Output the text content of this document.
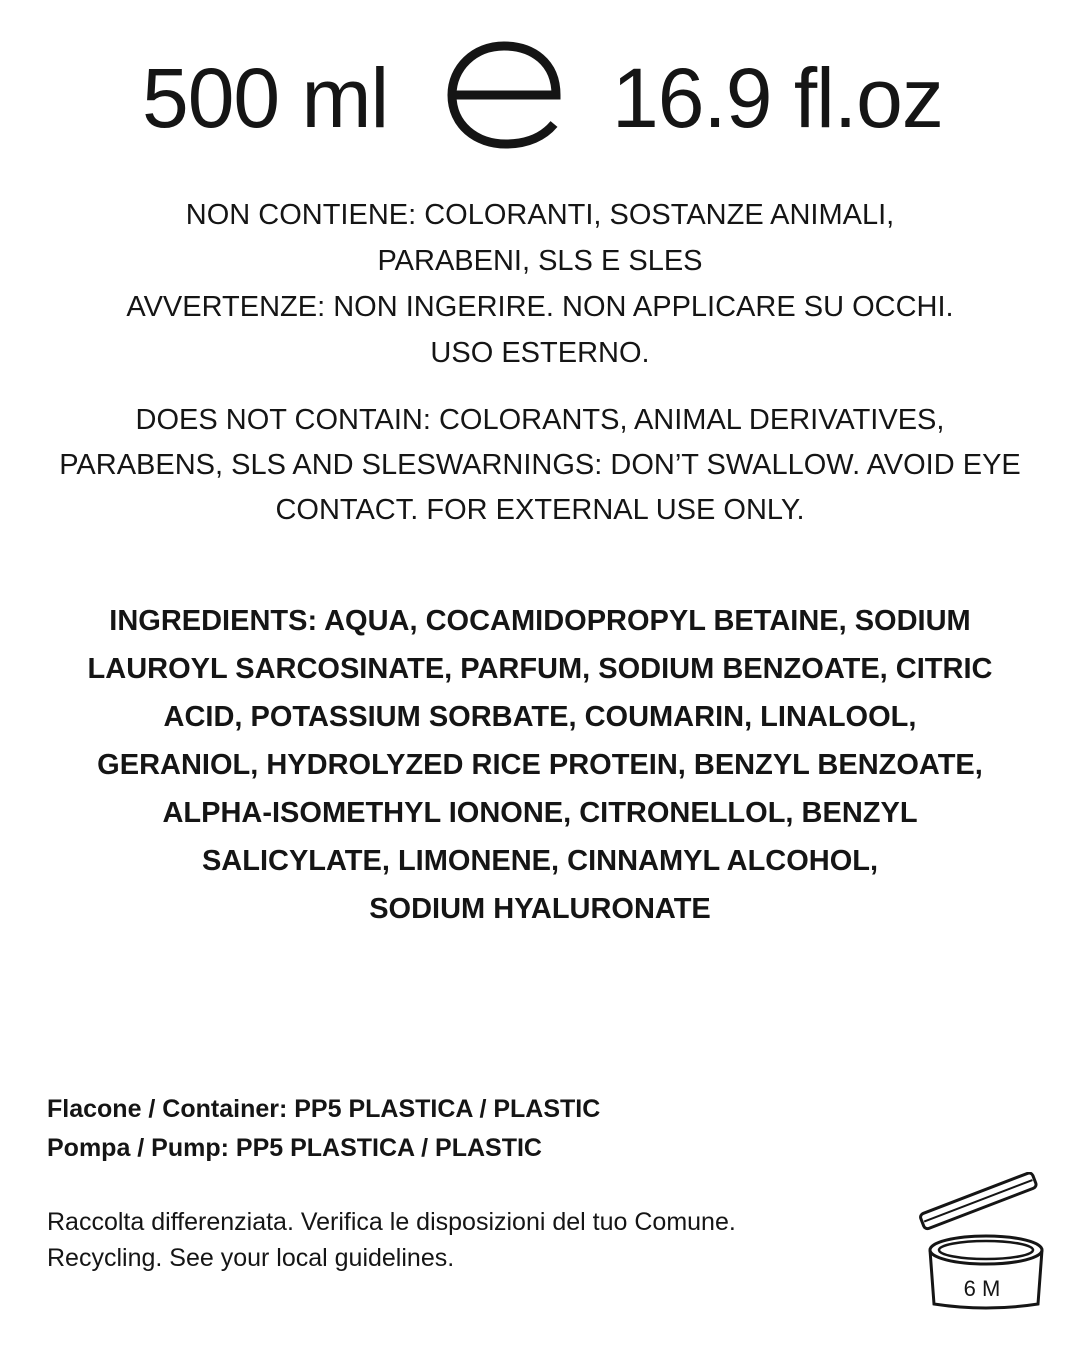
500 ml	16.9 fl.oz
NON CONTIENE: COLORANTI, SOSTANZE ANIMALI,
PARABENI, SLS E SLES
AVVERTENZE: NON INGERIRE. NON APPLICARE SU OCCHI.
USO ESTERNO.
DOES NOT CONTAIN: COLORANTS, ANIMAL DERIVATIVES,
PARABENS, SLS AND SLESWARNINGS: DON’T SWALLOW. AVOID EYE
CONTACT. FOR EXTERNAL USE ONLY.
INGREDIENTS: AQUA, COCAMIDOPROPYL BETAINE, SODIUM
LAUROYL SARCOSINATE, PARFUM, SODIUM BENZOATE, CITRIC
ACID, POTASSIUM SORBATE, COUMARIN, LINALOOL,
GERANIOL, HYDROLYZED RICE PROTEIN, BENZYL BENZOATE,
ALPHA-ISOMETHYL IONONE, CITRONELLOL, BENZYL
SALICYLATE, LIMONENE, CINNAMYL ALCOHOL,
SODIUM HYALURONATE
Flacone / Container: PP5 PLASTICA / PLASTIC
Pompa / Pump: PP5 PLASTICA / PLASTIC
Raccolta differenziata. Verifica le disposizioni del tuo Comune.
Recycling. See your local guidelines.
6 M
